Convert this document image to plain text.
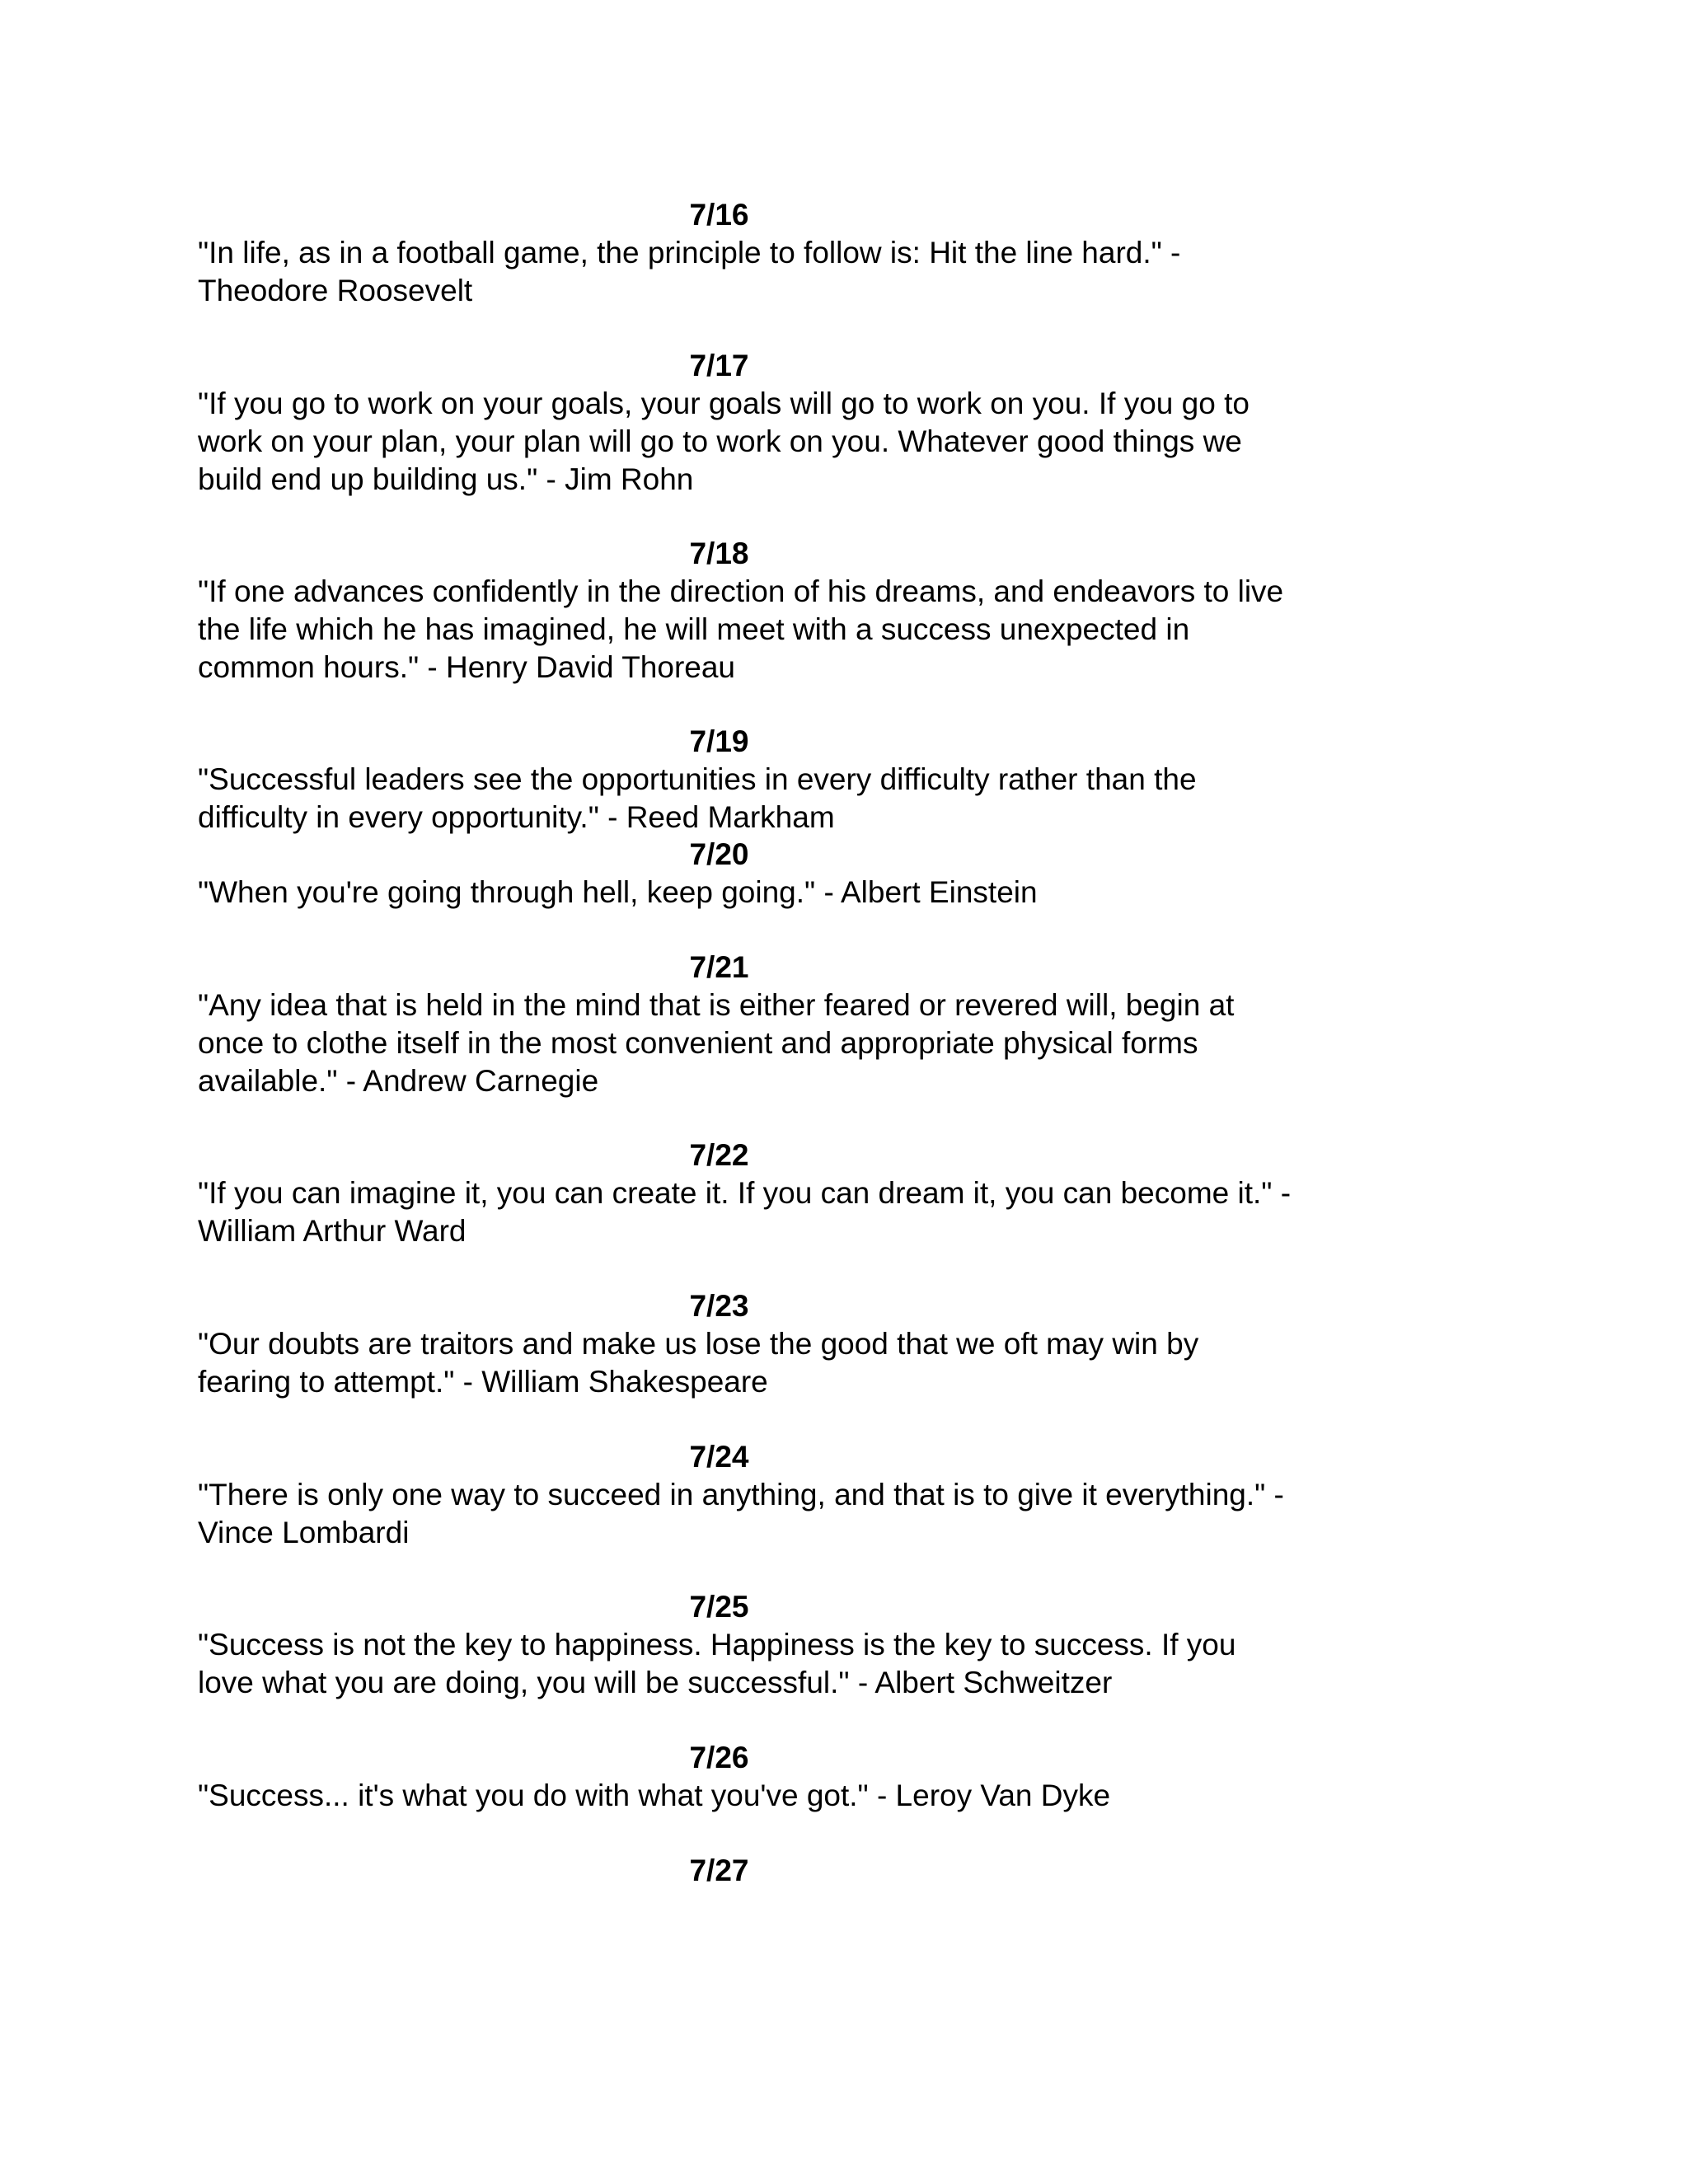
7/16
"In life, as in a football game, the principle to follow is: Hit the line hard." -
Theodore Roosevelt
7/17
"If you go to work on your goals, your goals will go to work on you. If you go to
work on your plan, your plan will go to work on you. Whatever good things we
build end up building us." - Jim Rohn
7/18
"If one advances confidently in the direction of his dreams, and endeavors to live
the life which he has imagined, he will meet with a success unexpected in
common hours." - Henry David Thoreau
7/19
"Successful leaders see the opportunities in every difficulty rather than the
difficulty in every opportunity." - Reed Markham
7/20
"When you're going through hell, keep going." - Albert Einstein
7/21
"Any idea that is held in the mind that is either feared or revered will, begin at
once to clothe itself in the most convenient and appropriate physical forms
available." - Andrew Carnegie
7/22
"If you can imagine it, you can create it. If you can dream it, you can become it." -
William Arthur Ward
7/23
"Our doubts are traitors and make us lose the good that we oft may win by
fearing to attempt." - William Shakespeare
7/24
"There is only one way to succeed in anything, and that is to give it everything." -
Vince Lombardi
7/25
"Success is not the key to happiness. Happiness is the key to success. If you
love what you are doing, you will be successful." - Albert Schweitzer
7/26
"Success... it's what you do with what you've got." - Leroy Van Dyke
7/27
